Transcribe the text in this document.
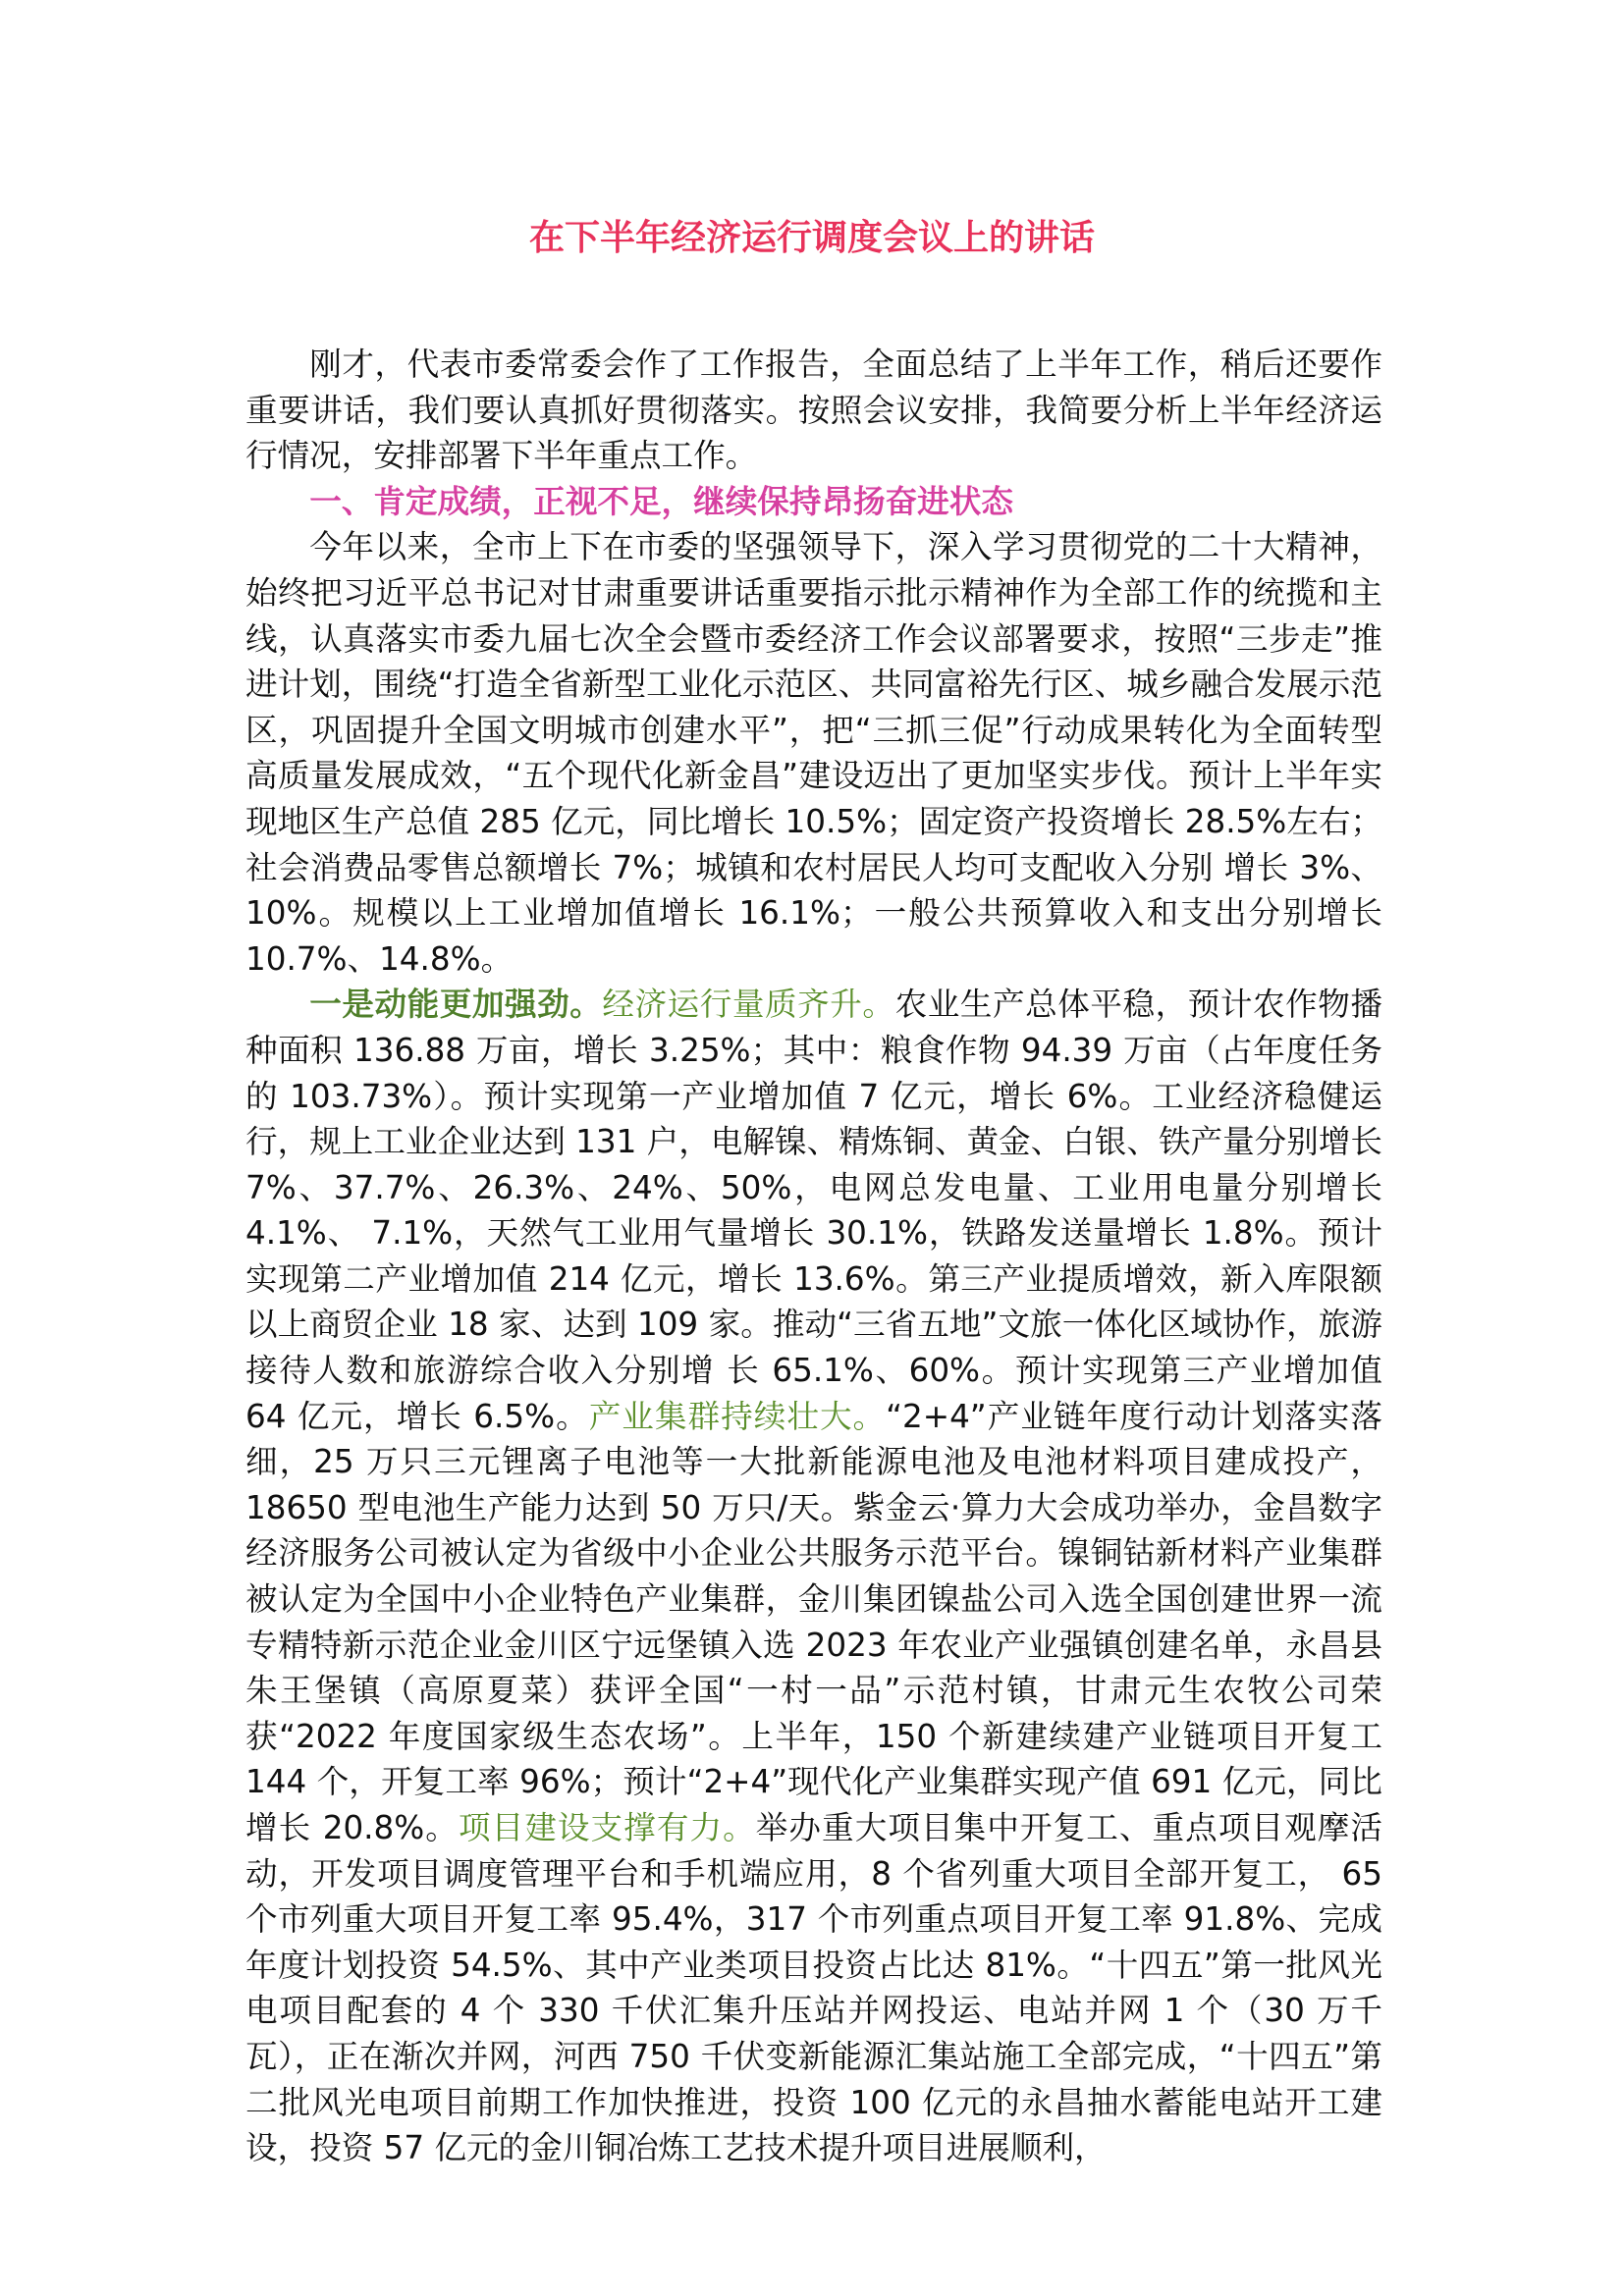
在下半年经济运行调度会议上的讲话

刚才，代表市委常委会作了工作报告，全面总结了上半年工作，稍后还要作重要讲话，我们要认真抓好贯彻落实。按照会议安排，我简要分析上半年经济运行情况，安排部署下半年重点工作。

一、肯定成绩，正视不足，继续保持昂扬奋进状态

今年以来，全市上下在市委的坚强领导下，深入学习贯彻党的二十大精神，始终把习近平总书记对甘肃重要讲话重要指示批示精神作为全部工作的统揽和主线，认真落实市委九届七次全会暨市委经济工作会议部署要求，按照“三步走”推进计划，围绕“打造全省新型工业化示范区、共同富裕先行区、城乡融合发展示范区，巩固提升全国文明城市创建水平”，把“三抓三促”行动成果转化为全面转型高质量发展成效，“五个现代化新金昌”建设迈出了更加坚实步伐。预计上半年实现地区生产总值 285 亿元，同比增长 10.5%；固定资产投资增长 28.5%左右；社会消费品零售总额增长 7%；城镇和农村居民人均可支配收入分别 增长 3%、10%。规模以上工业增加值增长 16.1%；一般公共预算收入和支出分别增长 10.7%、14.8%。

一是动能更加强劲。经济运行量质齐升。农业生产总体平稳，预计农作物播种面积 136.88 万亩，增长 3.25%；其中：粮食作物 94.39 万亩（占年度任务的 103.73%）。预计实现第一产业增加值 7 亿元，增长 6%。工业经济稳健运行，规上工业企业达到 131 户，电解镍、精炼铜、黄金、白银、铁产量分别增长 7%、37.7%、26.3%、24%、50%，电网总发电量、工业用电量分别增长 4.1%、 7.1%，天然气工业用气量增长 30.1%，铁路发送量增长 1.8%。预计实现第二产业增加值 214 亿元，增长 13.6%。第三产业提质增效，新入库限额以上商贸企业 18 家、达到 109 家。推动“三省五地”文旅一体化区域协作，旅游接待人数和旅游综合收入分别增 长 65.1%、60%。预计实现第三产业增加值 64 亿元，增长 6.5%。产业集群持续壮大。“2+4”产业链年度行动计划落实落细，25 万只三元锂离子电池等一大批新能源电池及电池材料项目建成投产，18650 型电池生产能力达到 50 万只/天。紫金云·算力大会成功举办，金昌数字经济服务公司被认定为省级中小企业公共服务示范平台。镍铜钴新材料产业集群被认定为全国中小企业特色产业集群，金川集团镍盐公司入选全国创建世界一流专精特新示范企业金川区宁远堡镇入选 2023 年农业产业强镇创建名单，永昌县朱王堡镇（高原夏菜）获评全国“一村一品”示范村镇，甘肃元生农牧公司荣获“2022 年度国家级生态农场”。上半年，150 个新建续建产业链项目开复工 144 个，开复工率 96%；预计“2+4”现代化产业集群实现产值 691 亿元，同比增长 20.8%。项目建设支撑有力。举办重大项目集中开复工、重点项目观摩活动，开发项目调度管理平台和手机端应用，8 个省列重大项目全部开复工， 65 个市列重大项目开复工率 95.4%，317 个市列重点项目开复工率 91.8%、完成年度计划投资 54.5%、其中产业类项目投资占比达 81%。“十四五”第一批风光电项目配套的 4 个 330 千伏汇集升压站并网投运、电站并网 1 个（30 万千瓦），正在渐次并网，河西 750 千伏变新能源汇集站施工全部完成，“十四五”第二批风光电项目前期工作加快推进，投资 100 亿元的永昌抽水蓄能电站开工建设，投资 57 亿元的金川铜冶炼工艺技术提升项目进展顺利，
